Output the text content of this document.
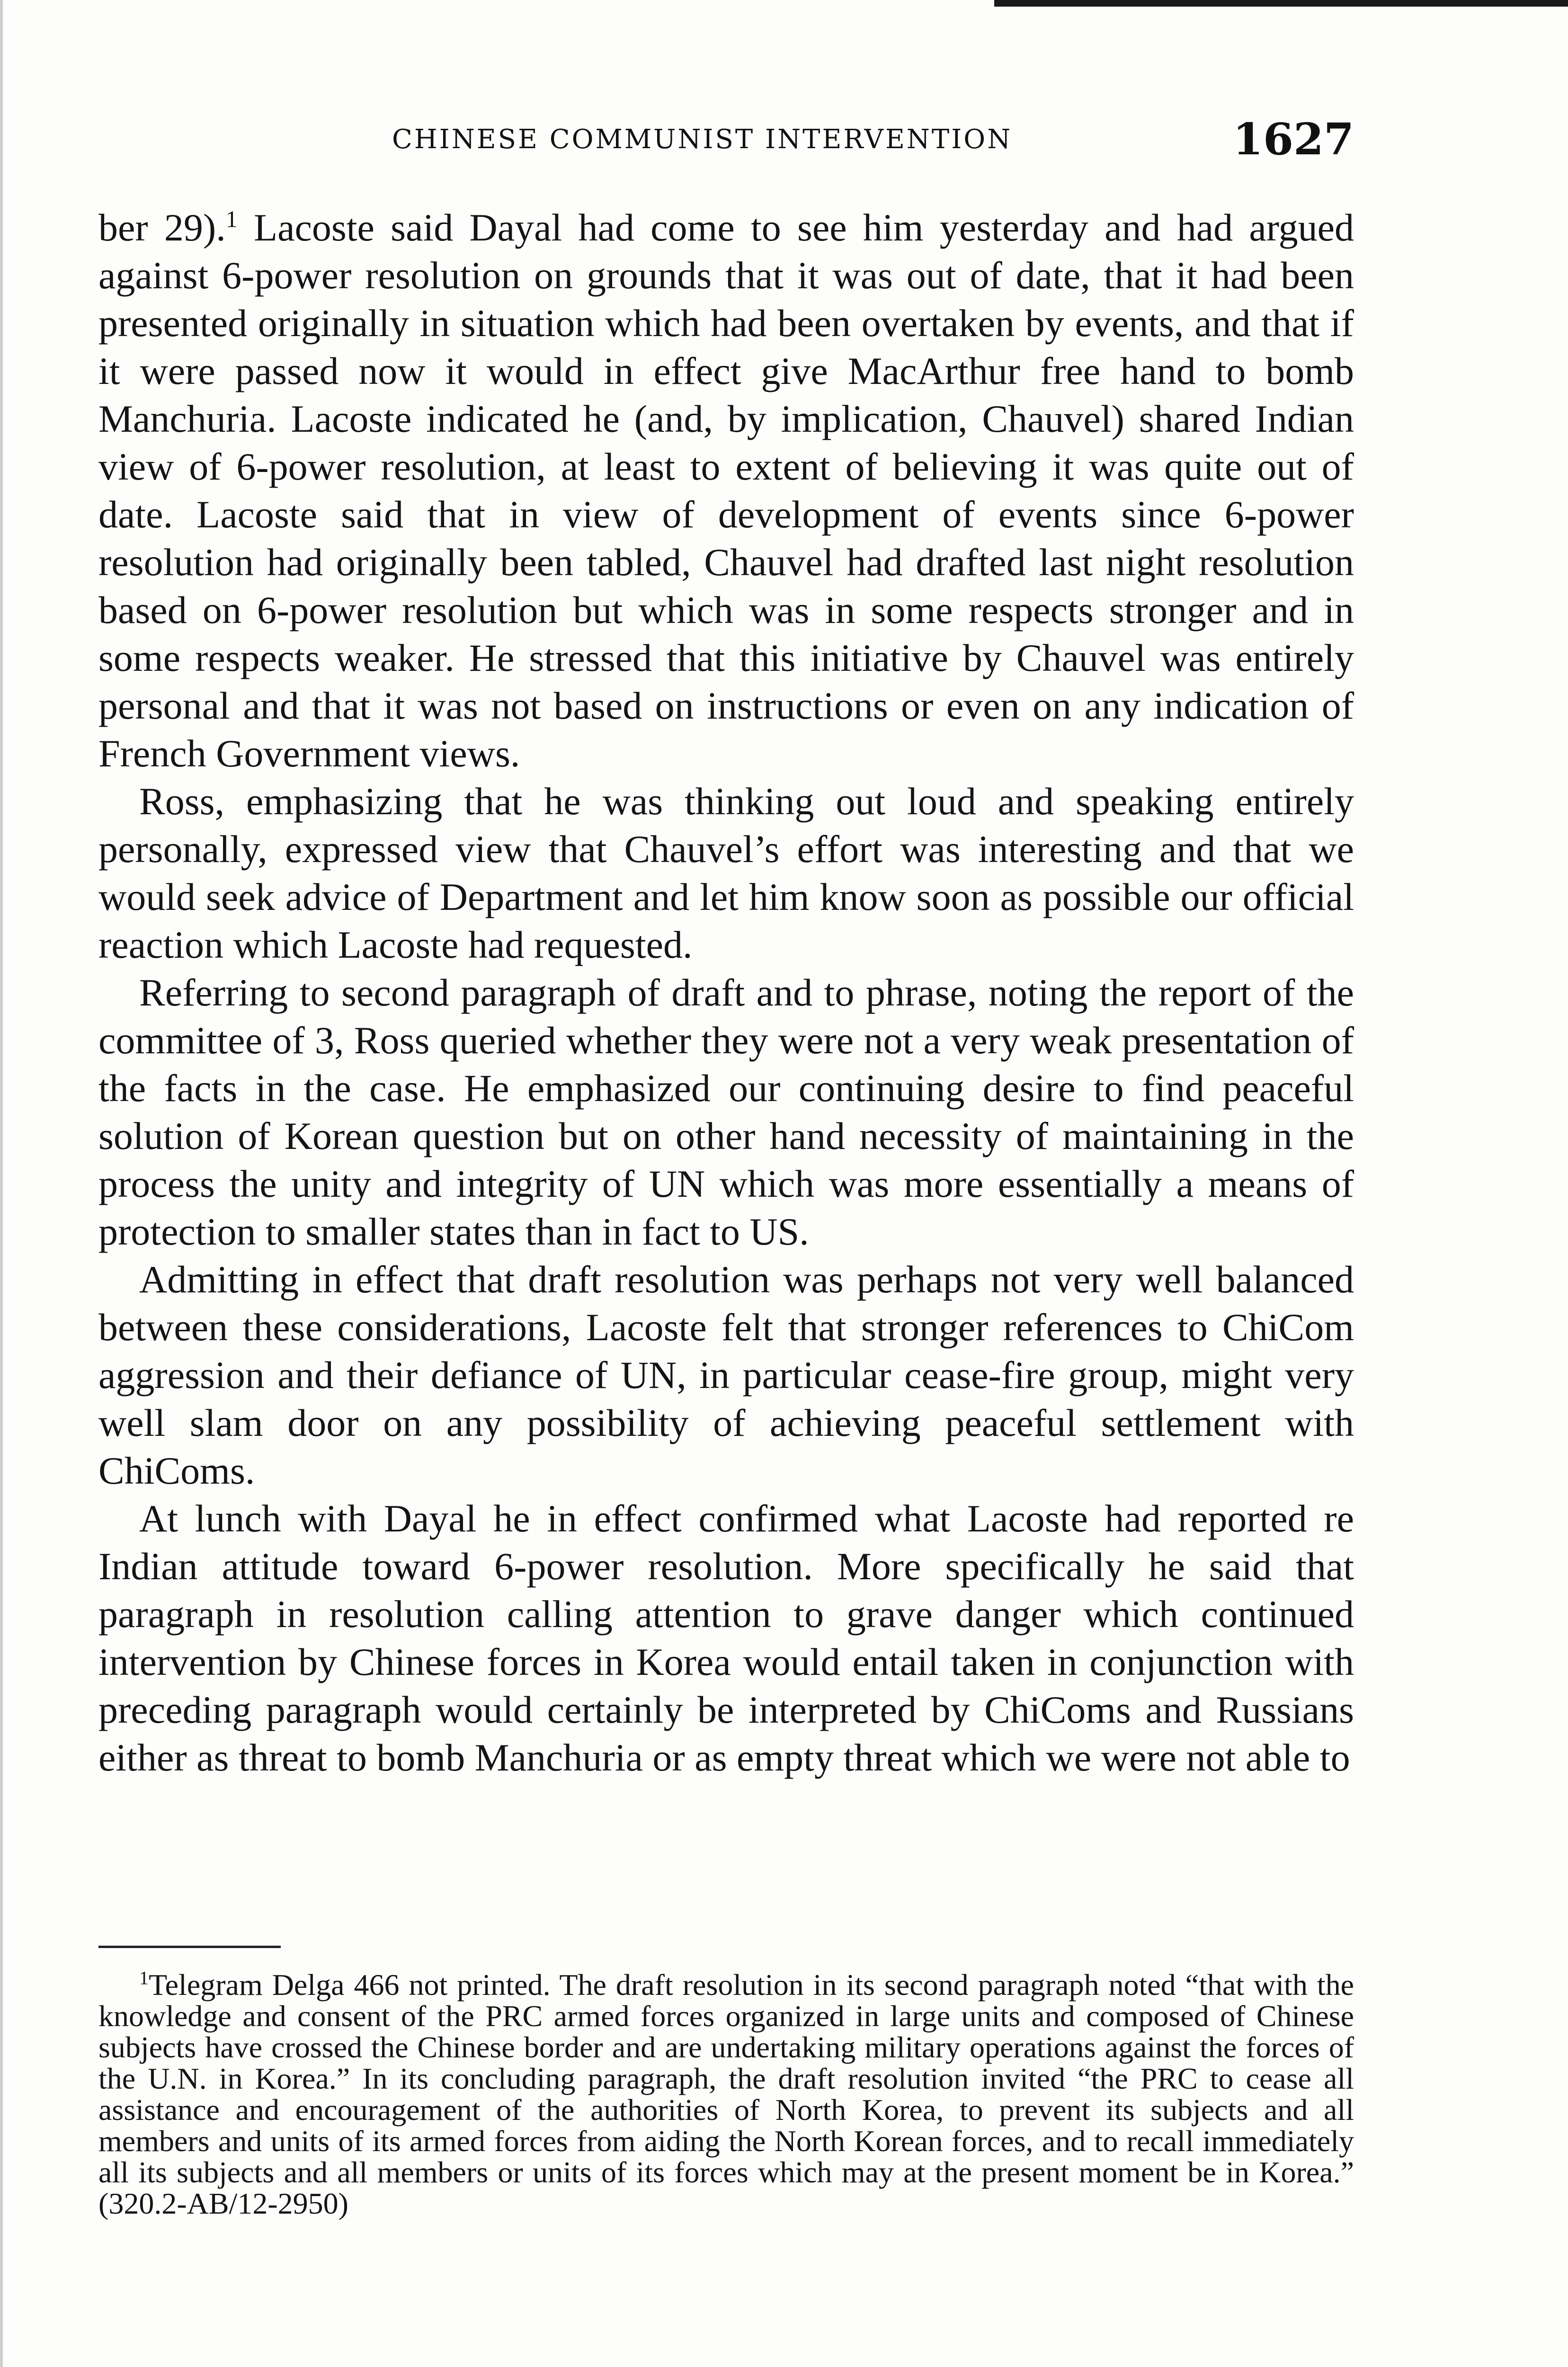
CHINESE COMMUNIST INTERVENTION	1627

ber 29).$^1$ Lacoste said Dayal had come to see him yesterday and had argued against 6-power resolution on grounds that it was out of date, that it had been presented originally in situation which had been overtaken by events, and that if it were passed now it would in effect give MacArthur free hand to bomb Manchuria. Lacoste indicated he (and, by implication, Chauvel) shared Indian view of 6-power resolution, at least to extent of believing it was quite out of date. Lacoste said that in view of development of events since 6-power resolution had originally been tabled, Chauvel had drafted last night resolution based on 6-power resolution but which was in some respects stronger and in some respects weaker. He stressed that this initiative by Chauvel was entirely personal and that it was not based on instructions or even on any indication of French Government views.

Ross, emphasizing that he was thinking out loud and speaking entirely personally, expressed view that Chauvel’s effort was interesting and that we would seek advice of Department and let him know soon as possible our official reaction which Lacoste had requested.

Referring to second paragraph of draft and to phrase, noting the report of the committee of 3, Ross queried whether they were not a very weak presentation of the facts in the case. He emphasized our continuing desire to find peaceful solution of Korean question but on other hand necessity of maintaining in the process the unity and integrity of UN which was more essentially a means of protection to smaller states than in fact to US.

Admitting in effect that draft resolution was perhaps not very well balanced between these considerations, Lacoste felt that stronger references to ChiCom aggression and their defiance of UN, in particular cease-fire group, might very well slam door on any possibility of achieving peaceful settlement with ChiComs.

At lunch with Dayal he in effect confirmed what Lacoste had reported re Indian attitude toward 6-power resolution. More specifically he said that paragraph in resolution calling attention to grave danger which continued intervention by Chinese forces in Korea would entail taken in conjunction with preceding paragraph would certainly be interpreted by ChiComs and Russians either as threat to bomb Manchuria or as empty threat which we were not able to

$^1$Telegram Delga 466 not printed. The draft resolution in its second paragraph noted “that with the knowledge and consent of the PRC armed forces organized in large units and composed of Chinese subjects have crossed the Chinese border and are undertaking military operations against the forces of the U.N. in Korea.” In its concluding paragraph, the draft resolution invited “the PRC to cease all assistance and encouragement of the authorities of North Korea, to prevent its subjects and all members and units of its armed forces from aiding the North Korean forces, and to recall immediately all its subjects and all members or units of its forces which may at the present moment be in Korea.” (320.2-AB/12-2950)
